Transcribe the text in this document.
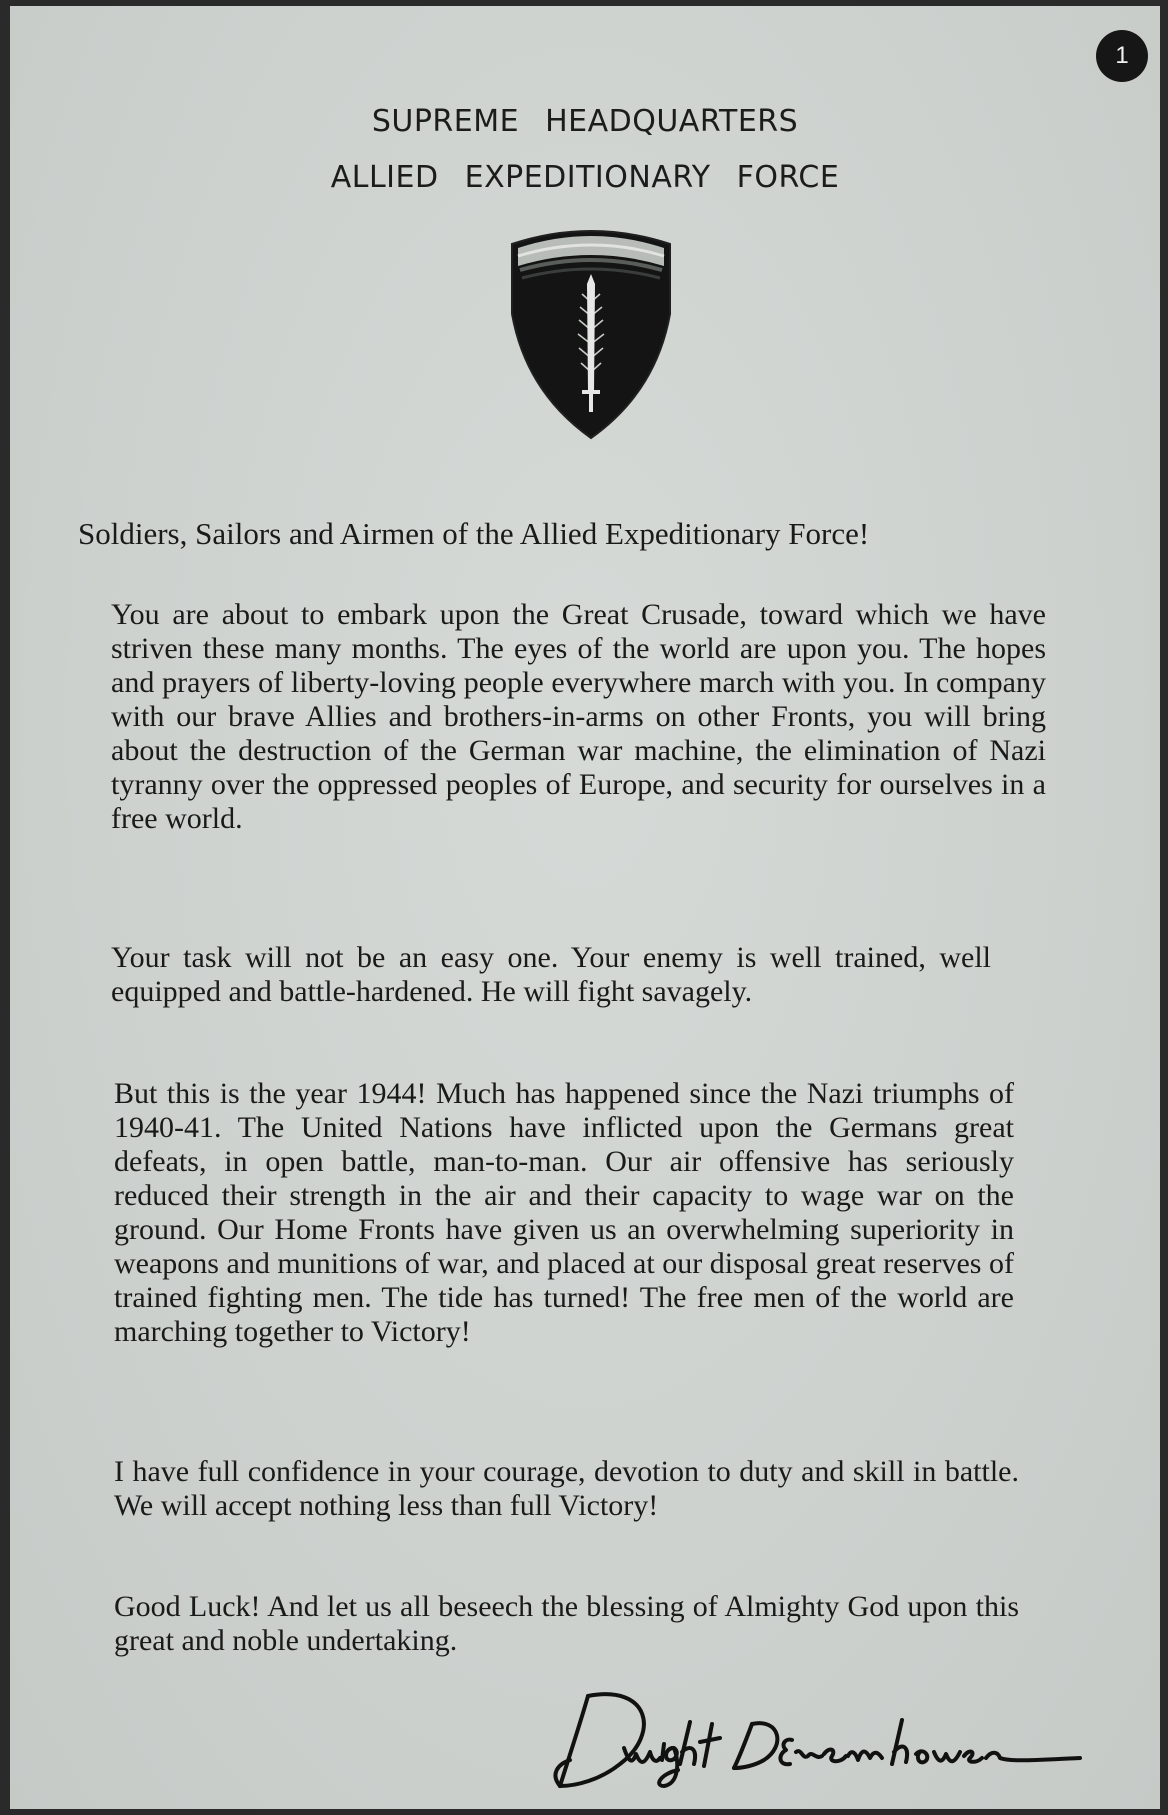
1
SUPREME HEADQUARTERS
ALLIED EXPEDITIONARY FORCE
Soldiers, Sailors and Airmen of the Allied Expeditionary Force!

You are about to embark upon the Great Crusade, toward which we have striven these many months. The eyes of the world are upon you. The hopes and prayers of liberty-loving people everywhere march with you. In company with our brave Allies and brothers-in-arms on other Fronts, you will bring about the destruction of the German war machine, the elimination of Nazi tyranny over the oppressed peoples of Europe, and security for ourselves in a free world.

Your task will not be an easy one. Your enemy is well trained, well equipped and battle-hardened. He will fight savagely.

But this is the year 1944! Much has happened since the Nazi triumphs of 1940-41. The United Nations have inflicted upon the Germans great defeats, in open battle, man-to-man. Our air offensive has seriously reduced their strength in the air and their capacity to wage war on the ground. Our Home Fronts have given us an overwhelming superiority in weapons and munitions of war, and placed at our disposal great reserves of trained fighting men. The tide has turned! The free men of the world are marching together to Victory!

I have full confidence in your courage, devotion to duty and skill in battle. We will accept nothing less than full Victory!

Good Luck! And let us all beseech the blessing of Almighty God upon this great and noble undertaking.
